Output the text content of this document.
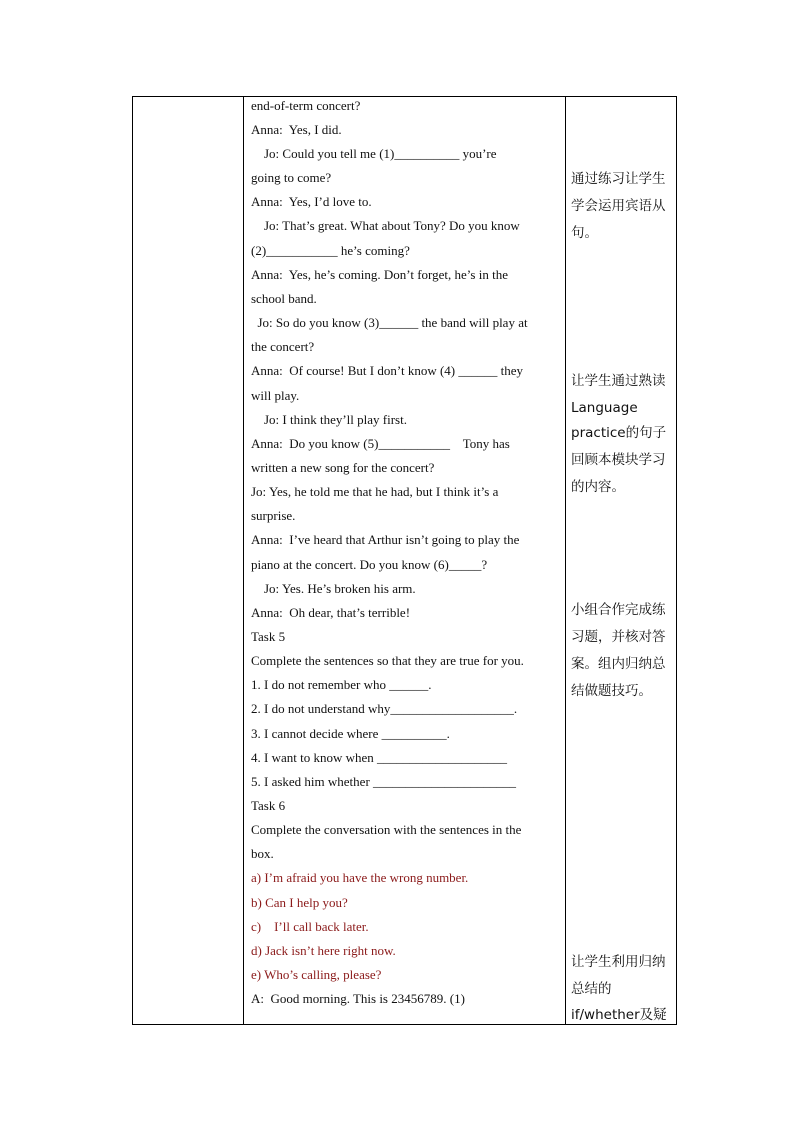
end-of-term concert?
Anna:  Yes, I did.
Jo: Could you tell me (1)__________ you’re
going to come?
Anna:  Yes, I’d love to.
Jo: That’s great. What about Tony? Do you know
(2)___________ he’s coming?
Anna:  Yes, he’s coming. Don’t forget, he’s in the
school band.
Jo: So do you know (3)______ the band will play at
the concert?
Anna:  Of course! But I don’t know (4) ______ they
will play.
Jo: I think they’ll play first.
Anna:  Do you know (5)___________    Tony has
written a new song for the concert?
Jo: Yes, he told me that he had, but I think it’s a
surprise.
Anna:  I’ve heard that Arthur isn’t going to play the
piano at the concert. Do you know (6)_____?
Jo: Yes. He’s broken his arm.
Anna:  Oh dear, that’s terrible!
Task 5
Complete the sentences so that they are true for you.
1. I do not remember who ______.
2. I do not understand why___________________.
3. I cannot decide where __________.
4. I want to know when ____________________
5. I asked him whether ______________________
Task 6
Complete the conversation with the sentences in the
box.
a) I’m afraid you have the wrong number.
b) Can I help you?
c)    I’ll call back later.
d) Jack isn’t here right now.
e) Who’s calling, please?
A:  Good morning. This is 23456789. (1)
通过练习让学生
学会运用宾语从
句。
让学生通过熟读
Language
practice的句子
回顾本模块学习
的内容。
小组合作完成练
习题，并核对答
案。组内归纳总
结做题技巧。
让学生利用归纳
总结的
if/whether及疑
